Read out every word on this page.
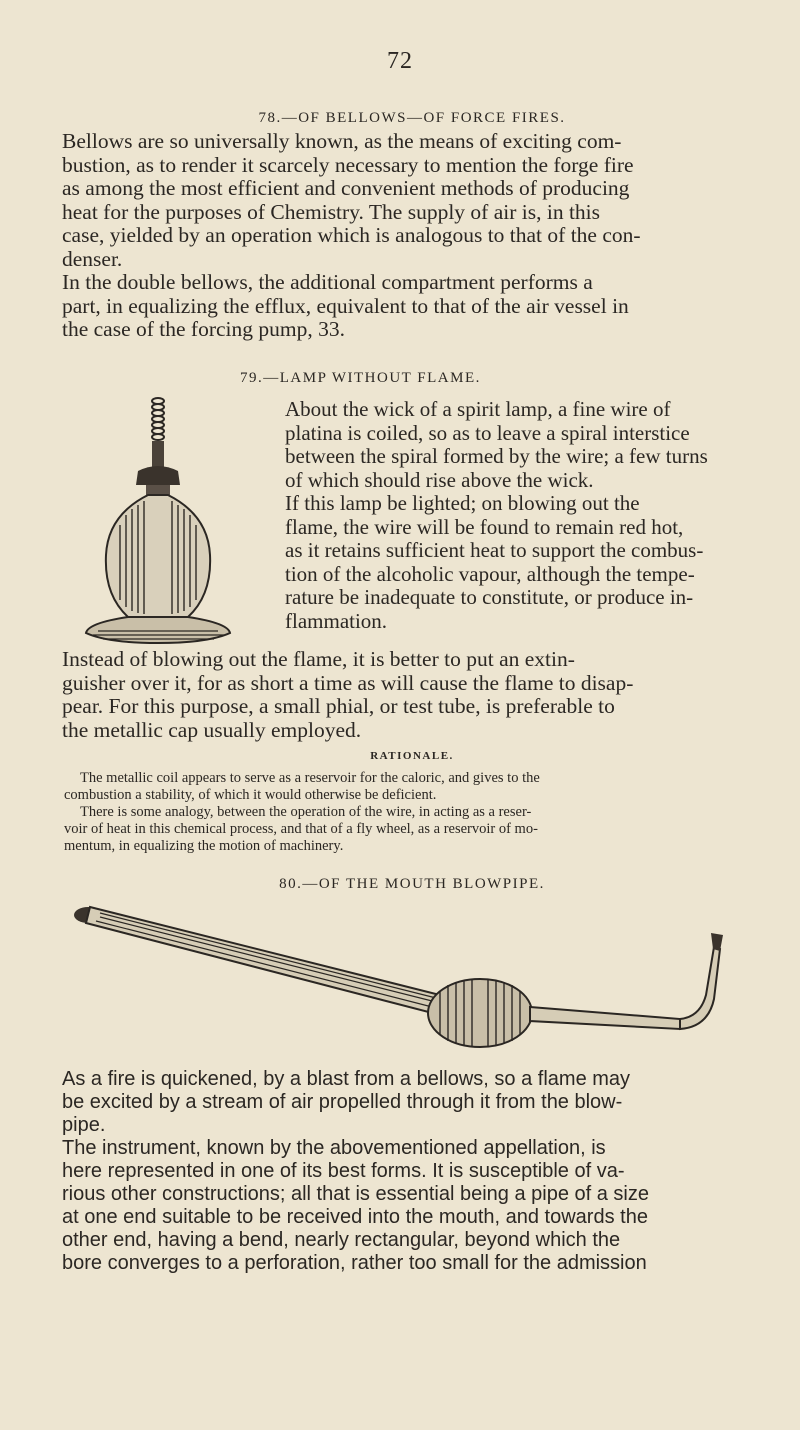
72

78.—OF BELLOWS—OF FORCE FIRES.

Bellows are so universally known, as the means of exciting com-
bustion, as to render it scarcely necessary to mention the forge fire
as among the most efficient and convenient methods of producing
heat for the purposes of Chemistry. The supply of air is, in this
case, yielded by an operation which is analogous to that of the con-
denser.
In the double bellows, the additional compartment performs a
part, in equalizing the efflux, equivalent to that of the air vessel in
the case of the forcing pump, 33.

79.—LAMP WITHOUT FLAME.

About the wick of a spirit lamp, a fine wire of
platina is coiled, so as to leave a spiral interstice
between the spiral formed by the wire; a few turns
of which should rise above the wick.
If this lamp be lighted; on blowing out the
flame, the wire will be found to remain red hot,
as it retains sufficient heat to support the combus-
tion of the alcoholic vapour, although the tempe-
rature be inadequate to constitute, or produce in-
flammation.

Instead of blowing out the flame, it is better to put an extin-
guisher over it, for as short a time as will cause the flame to disap-
pear. For this purpose, a small phial, or test tube, is preferable to
the metallic cap usually employed.

RATIONALE.

The metallic coil appears to serve as a reservoir for the caloric, and gives to the
combustion a stability, of which it would otherwise be deficient.
There is some analogy, between the operation of the wire, in acting as a reser-
voir of heat in this chemical process, and that of a fly wheel, as a reservoir of mo-
mentum, in equalizing the motion of machinery.

80.—OF THE MOUTH BLOWPIPE.

As a fire is quickened, by a blast from a bellows, so a flame may
be excited by a stream of air propelled through it from the blow-
pipe.
The instrument, known by the abovementioned appellation, is
here represented in one of its best forms. It is susceptible of va-
rious other constructions; all that is essential being a pipe of a size
at one end suitable to be received into the mouth, and towards the
other end, having a bend, nearly rectangular, beyond which the
bore converges to a perforation, rather too small for the admission
